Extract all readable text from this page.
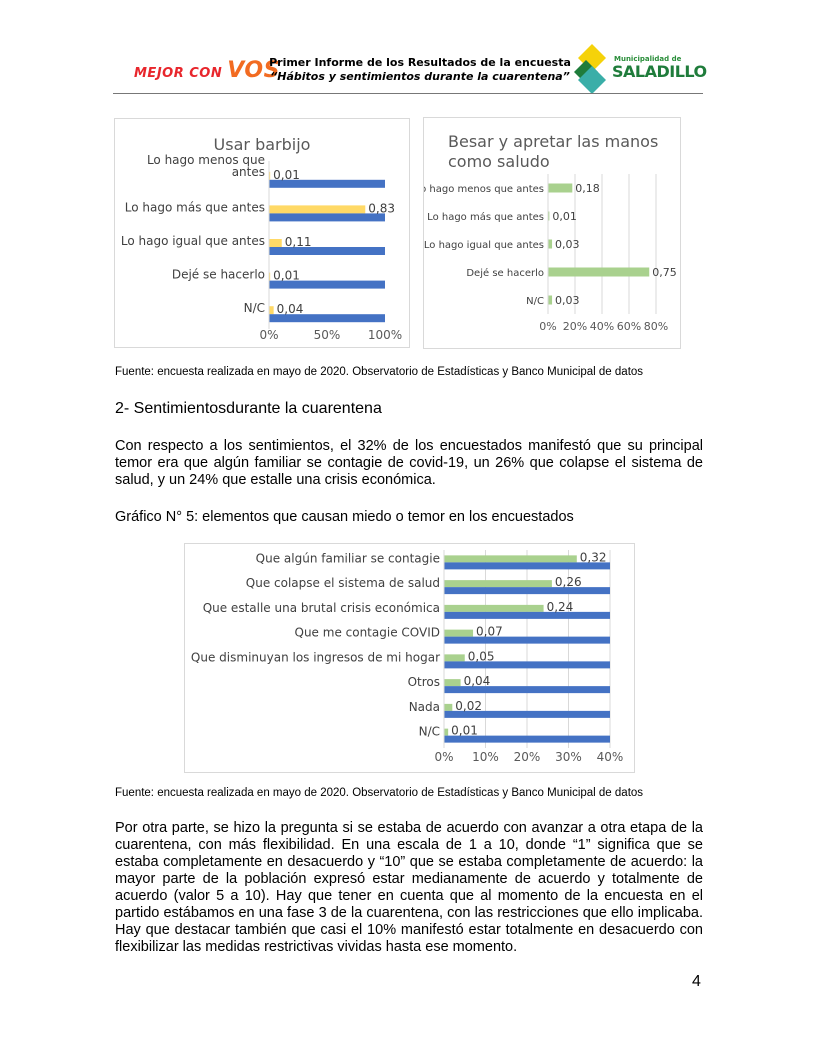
MEJOR CON VOS
Primer Informe de los Resultados de la encuesta
“Hábitos y sentimientos durante la cuarentena”
Municipalidad de
SALADILLO
Usar barbijo
Lo hago menos que
antes 0,01
Lo hago más que antes	0,83
Lo hago igual que antes 0,11
Dejé se hacerlo 0,01
N/C 0,04
0%	50% 100%
Besar y apretar las manos
como saludo
Lo hago menos que antes	0,18
Lo hago más que antes 0,01
Lo hago igual que antes 0,03
Dejé se hacerlo	0,75
N/C 0,03
0% 20% 40% 60% 80%
Fuente: encuesta realizada en mayo de 2020. Observatorio de Estadísticas y Banco Municipal de datos
2- Sentimientosdurante la cuarentena
Con respecto a los sentimientos, el 32% de los encuestados manifestó que su principal temor era que algún familiar se contagie de covid-19, un 26% que colapse el sistema de salud, y un 24% que estalle una crisis económica.
Gráfico N° 5: elementos que causan miedo o temor en los encuestados
Que algún familiar se contagie	0,32
Que colapse el sistema de salud	0,26
Que estalle una brutal crisis económica	0,24
Que me contagie COVID	0,07
Que disminuyan los ingresos de mi hogar 0,05
Otros 0,04
Nada 0,02
N/C 0,01
0% 10% 20% 30% 40%
Fuente: encuesta realizada en mayo de 2020. Observatorio de Estadísticas y Banco Municipal de datos
Por otra parte, se hizo la pregunta si se estaba de acuerdo con avanzar a otra etapa de la cuarentena, con más flexibilidad. En una escala de 1 a 10, donde “1” significa que se estaba completamente en desacuerdo y “10” que se estaba completamente de acuerdo: la mayor parte de la población expresó estar medianamente de acuerdo y totalmente de acuerdo (valor 5 a 10). Hay que tener en cuenta que al momento de la encuesta en el partido estábamos en una fase 3 de la cuarentena, con las restricciones que ello implicaba. Hay que destacar también que casi el 10% manifestó estar totalmente en desacuerdo con flexibilizar las medidas restrictivas vividas hasta ese momento.
4
